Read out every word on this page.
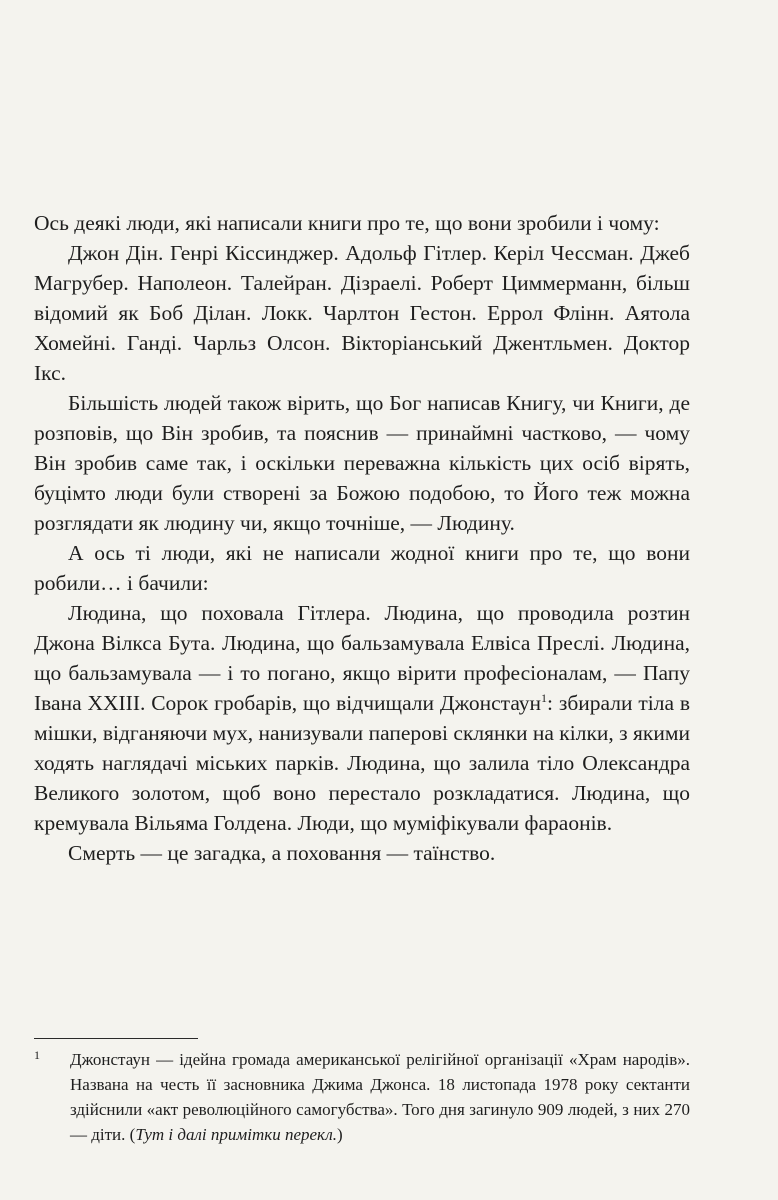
Ось деякі люди, які написали книги про те, що вони зробили і чому:

Джон Дін. Генрі Кіссинджер. Адольф Гітлер. Керіл Чессман. Джеб Магрубер. Наполеон. Талейран. Дізраелі. Роберт Циммерманн, більш відомий як Боб Ділан. Локк. Чарлтон Гестон. Еррол Флінн. Аятола Хомейні. Ганді. Чарльз Олсон. Вікторіанський Джентльмен. Доктор Ікс.

Більшість людей також вірить, що Бог написав Книгу, чи Книги, де розповів, що Він зробив, та пояснив — принаймні частково, — чому Він зробив саме так, і оскільки переважна кількість цих осіб вірять, буцімто люди були створені за Божою подобою, то Його теж можна розглядати як людину чи, якщо точніше, — Людину.

А ось ті люди, які не написали жодної книги про те, що вони робили… і бачили:

Людина, що поховала Гітлера. Людина, що проводила розтин Джона Вілкса Бута. Людина, що бальзамувала Елвіса Преслі. Людина, що бальзамувала — і то погано, якщо вірити професіоналам, — Папу Івана XXIII. Сорок гробарів, що відчищали Джонстаун$^1$: збирали тіла в мішки, відганяючи мух, нанизували паперові склянки на кілки, з якими ходять наглядачі міських парків. Людина, що залила тіло Олександра Великого золотом, щоб воно перестало розкладатися. Людина, що кремувала Вільяма Голдена. Люди, що муміфікували фараонів.

Смерть — це загадка, а поховання — таїнство.

1	Джонстаун — ідейна громада американської релігійної організації «Храм народів». Названа на честь її засновника Джима Джонса. 18 листопада 1978 року сектанти здійснили «акт революційного самогубства». Того дня загинуло 909 людей, з них 270 — діти. (Тут і далі примітки перекл.)
